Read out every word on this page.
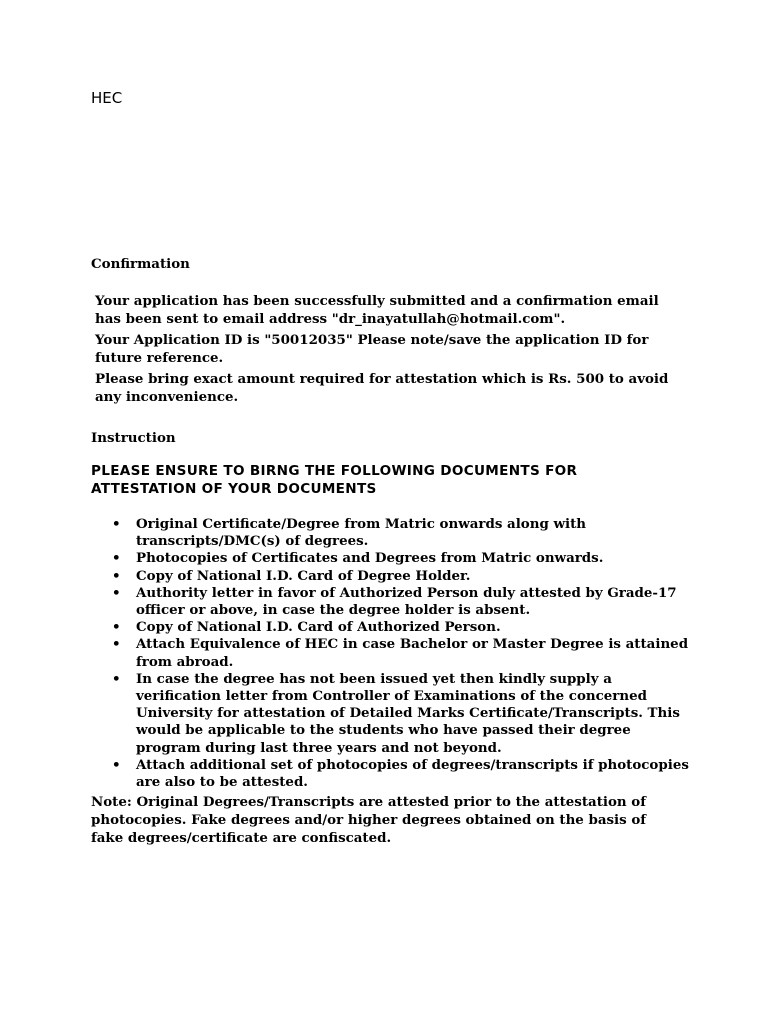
HEC
Confirmation

Your application has been successfully submitted and a confirmation email has been sent to email address "dr_inayatullah@hotmail.com".

Your Application ID is "50012035" Please note/save the application ID for future reference.

Please bring exact amount required for attestation which is Rs. 500 to avoid any inconvenience.

Instruction

PLEASE ENSURE TO BIRNG THE FOLLOWING DOCUMENTS FOR ATTESTATION OF YOUR DOCUMENTS

• Original Certificate/Degree from Matric onwards along with transcripts/DMC(s) of degrees.
• Photocopies of Certificates and Degrees from Matric onwards.
• Copy of National I.D. Card of Degree Holder.
• Authority letter in favor of Authorized Person duly attested by Grade-17 officer or above, in case the degree holder is absent.
• Copy of National I.D. Card of Authorized Person.
• Attach Equivalence of HEC in case Bachelor or Master Degree is attained from abroad.
• In case the degree has not been issued yet then kindly supply a verification letter from Controller of Examinations of the concerned University for attestation of Detailed Marks Certificate/Transcripts. This would be applicable to the students who have passed their degree program during last three years and not beyond.
• Attach additional set of photocopies of degrees/transcripts if photocopies are also to be attested.

Note: Original Degrees/Transcripts are attested prior to the attestation of photocopies. Fake degrees and/or higher degrees obtained on the basis of fake degrees/certificate are confiscated.
